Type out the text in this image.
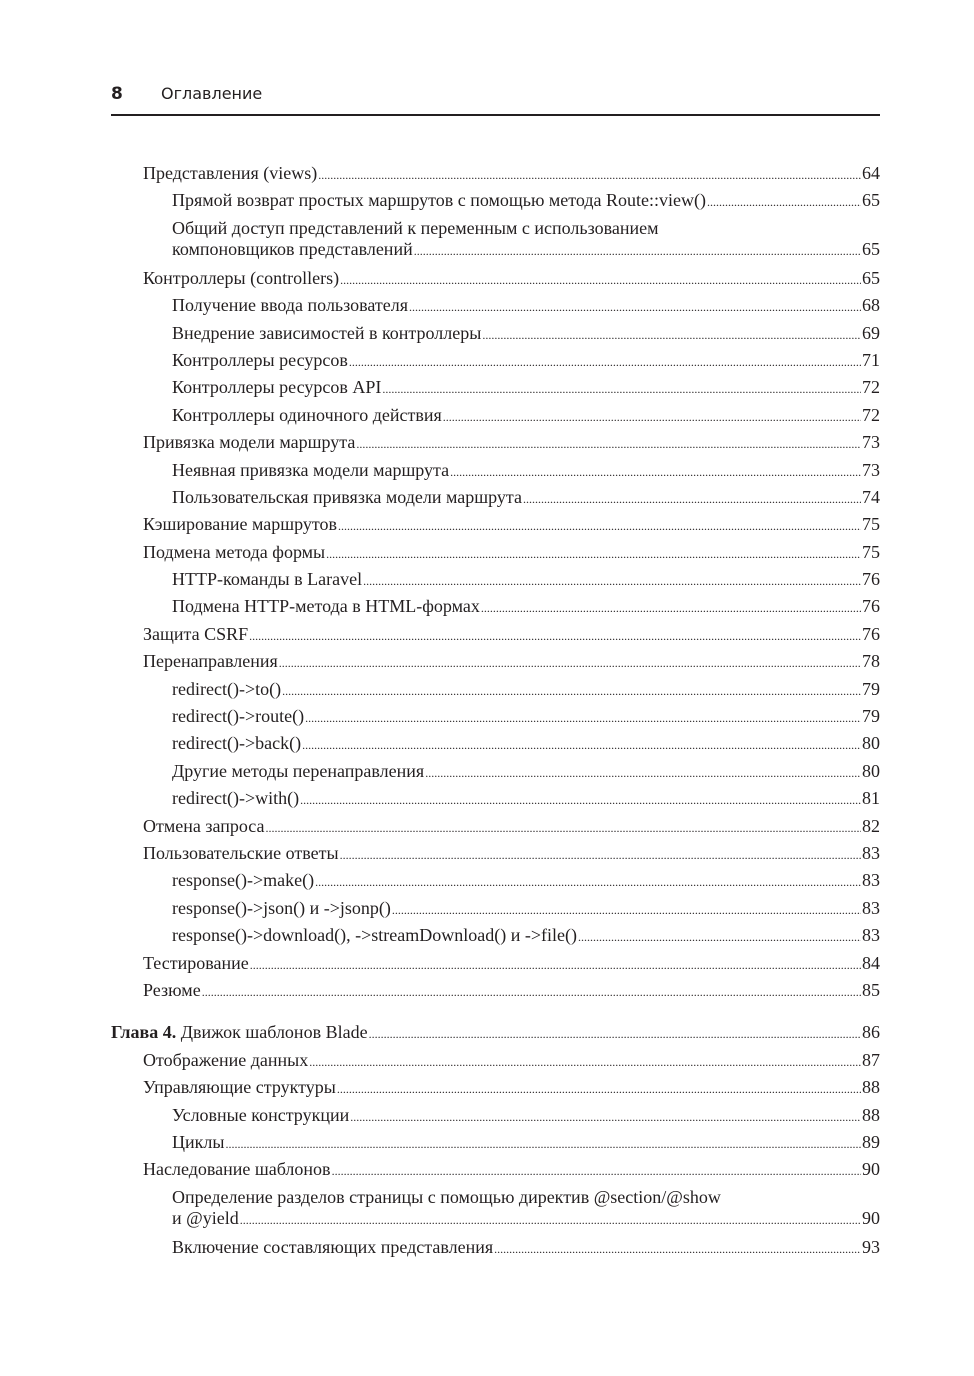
8 Оглавление
Представления (views) . . .	64
Прямой возврат простых маршрутов с помощью метода Route::view() . . .	65
Общий доступ представлений к переменным с использованием
компоновщиков представлений . . .	65
Контроллеры (controllers) . . .	65
Получение ввода пользователя . . .	68
Внедрение зависимостей в контроллеры . . .	69
Контроллеры ресурсов . . .	71
Контроллеры ресурсов API . . .	72
Контроллеры одиночного действия . . .	72
Привязка модели маршрута . . .	73
Неявная привязка модели маршрута . . .	73
Пользовательская привязка модели маршрута . . .	74
Кэширование маршрутов . . .	75
Подмена метода формы . . .	75
HTTP-команды в Laravel . . .	76
Подмена HTTP-метода в HTML-формах . . .	76
Защита CSRF . . .	76
Перенаправления . . .	78
redirect()->to() . . .	79
redirect()->route() . . .	79
redirect()->back() . . .	80
Другие методы перенаправления . . .	80
redirect()->with() . . .	81
Отмена запроса . . .	82
Пользовательские ответы . . .	83
response()->make() . . .	83
response()->json() и ->jsonp() . . .	83
response()->download(), ->streamDownload() и ->file() . . .	83
Тестирование . . .	84
Резюме . . .	85
Глава 4. Движок шаблонов Blade . . .	86
Отображение данных . . .	87
Управляющие структуры . . .	88
Условные конструкции . . .	88
Циклы . . .	89
Наследование шаблонов . . .	90
Определение разделов страницы с помощью директив @section/@show
и @yield . . .	90
Включение составляющих представления . . .	93
